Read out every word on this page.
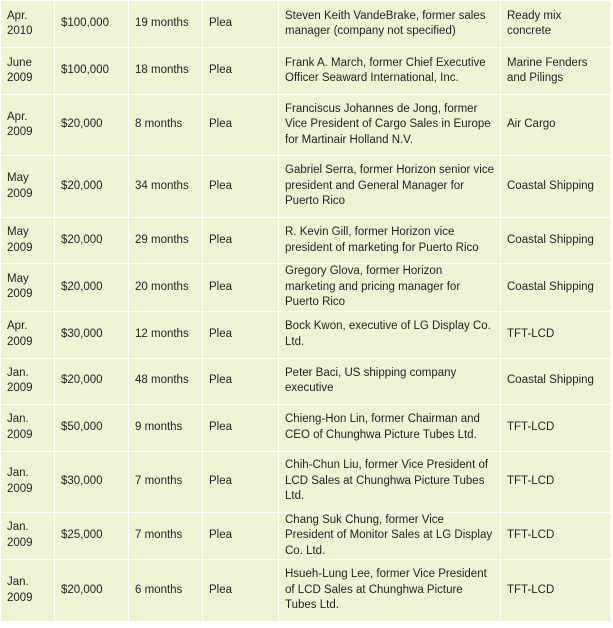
Apr. 2010	$100,000	19 months	Plea	Steven Keith VandeBrake, former sales manager (company not specified)	Ready mix concrete
June 2009	$100,000	18 months	Plea	Frank A. March, former Chief Executive Officer Seaward International, Inc.	Marine Fenders and Pilings
Apr. 2009	$20,000	8 months	Plea	Franciscus Johannes de Jong, former Vice President of Cargo Sales in Europe for Martinair Holland N.V.	Air Cargo
May 2009	$20,000	34 months	Plea	Gabriel Serra, former Horizon senior vice president and General Manager for Puerto Rico	Coastal Shipping
May 2009	$20,000	29 months	Plea	R. Kevin Gill, former Horizon vice president of marketing for Puerto Rico	Coastal Shipping
May 2009	$20,000	20 months	Plea	Gregory Glova, former Horizon marketing and pricing manager for Puerto Rico	Coastal Shipping
Apr. 2009	$30,000	12 months	Plea	Bock Kwon, executive of LG Display Co. Ltd.	TFT-LCD
Jan. 2009	$20,000	48 months	Plea	Peter Baci, US shipping company executive	Coastal Shipping
Jan. 2009	$50,000	9 months	Plea	Chieng-Hon Lin, former Chairman and CEO of Chunghwa Picture Tubes Ltd.	TFT-LCD
Jan. 2009	$30,000	7 months	Plea	Chih-Chun Liu, former Vice President of LCD Sales at Chunghwa Picture Tubes Ltd.	TFT-LCD
Jan. 2009	$25,000	7 months	Plea	Chang Suk Chung, former Vice President of Monitor Sales at LG Display Co. Ltd.	TFT-LCD
Jan. 2009	$20,000	6 months	Plea	Hsueh-Lung Lee, former Vice President of LCD Sales at Chunghwa Picture Tubes Ltd.	TFT-LCD
